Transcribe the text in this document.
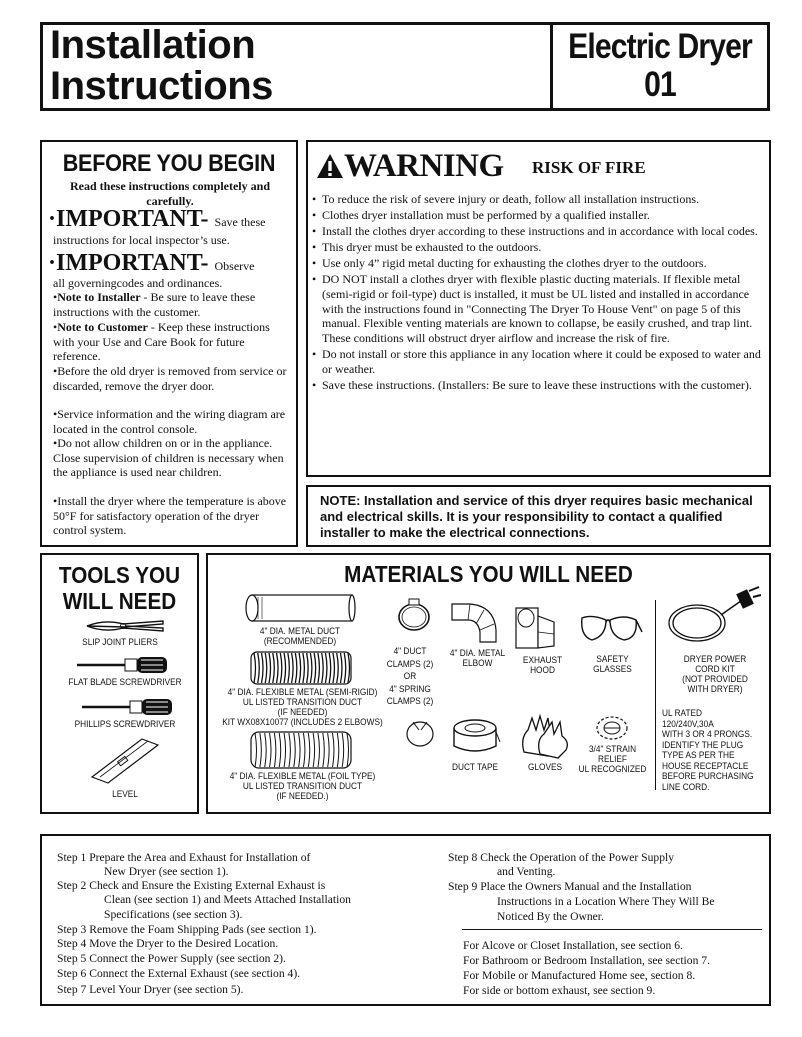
Installation
Instructions
Electric Dryer
01
BEFORE YOU BEGIN
Read these instructions completely and carefully.
·IMPORTANT- Save these
instructions for local inspector’s use.
·IMPORTANT- Observe
all governingcodes and ordinances.
•Note to Installer - Be sure to leave these instructions with the customer.
•Note to Customer - Keep these instructions with your Use and Care Book for future reference.
•Before the old dryer is removed from service or discarded, remove the dryer door.
•Service information and the wiring diagram are located in the control console.
•Do not allow children on or in the appliance. Close supervision of children is necessary when the appliance is used near children.
•Install the dryer where the temperature is above 50°F for satisfactory operation of the dryer control system.
WARNING RISK OF FIRE
• To reduce the risk of severe injury or death, follow all installation instructions.
• Clothes dryer installation must be performed by a qualified installer.
• Install the clothes dryer according to these instructions and in accordance with local codes.
• This dryer must be exhausted to the outdoors.
• Use only 4” rigid metal ducting for exhausting the clothes dryer to the outdoors.
• DO NOT install a clothes dryer with flexible plastic ducting materials. If flexible metal (semi-rigid or foil-type) duct is installed, it must be UL listed and installed in accordance with the instructions found in "Connecting The Dryer To House Vent" on page 5 of this manual. Flexible venting materials are known to collapse, be easily crushed, and trap lint. These conditions will obstruct dryer airflow and increase the risk of fire.
• Do not install or store this appliance in any location where it could be exposed to water and or weather.
• Save these instructions. (Installers: Be sure to leave these instructions with the customer).
NOTE: Installation and service of this dryer requires basic mechanical and electrical skills. It is your responsibility to contact a qualified installer to make the electrical connections.
TOOLS YOU
WILL NEED
SLIP JOINT PLIERS
FLAT BLADE SCREWDRIVER
PHILLIPS SCREWDRIVER
LEVEL
MATERIALS YOU WILL NEED
4" DIA. METAL DUCT
(RECOMMENDED)
4" DIA. FLEXIBLE METAL (SEMI-RIGID)
UL LISTED TRANSITION DUCT
(IF NEEDED)
KIT WX08X10077 (INCLUDES 2 ELBOWS)
4" DIA. FLEXIBLE METAL (FOIL TYPE)
UL LISTED TRANSITION DUCT
(IF NEEDED.)
4" DUCT
CLAMPS (2)
OR
4" SPRING
CLAMPS (2)
4" DIA. METAL
ELBOW	EXHAUST
HOOD
SAFETY
GLASSES
DRYER POWER
CORD KIT
(NOT PROVIDED
WITH DRYER)
UL RATED
120/240V,30A
WITH 3 OR 4 PRONGS.
IDENTIFY THE PLUG
TYPE AS PER THE
HOUSE RECEPTACLE
BEFORE PURCHASING
LINE CORD.
DUCT TAPE	GLOVES
3/4" STRAIN
RELIEF
UL RECOGNIZED
Step 1 Prepare the Area and Exhaust for Installation of
New Dryer (see section 1).
Step 2 Check and Ensure the Existing External Exhaust is
Clean (see section 1) and Meets Attached Installation
Specifications (see section 3).
Step 3 Remove the Foam Shipping Pads (see section 1).
Step 4 Move the Dryer to the Desired Location.
Step 5 Connect the Power Supply (see section 2).
Step 6 Connect the External Exhaust (see section 4).
Step 7 Level Your Dryer (see section 5).
Step 8 Check the Operation of the Power Supply
and Venting.
Step 9 Place the Owners Manual and the Installation
Instructions in a Location Where They Will Be
Noticed By the Owner.
For Alcove or Closet Installation, see section 6.
For Bathroom or Bedroom Installation, see section 7.
For Mobile or Manufactured Home see, section 8.
For side or bottom exhaust, see section 9.
